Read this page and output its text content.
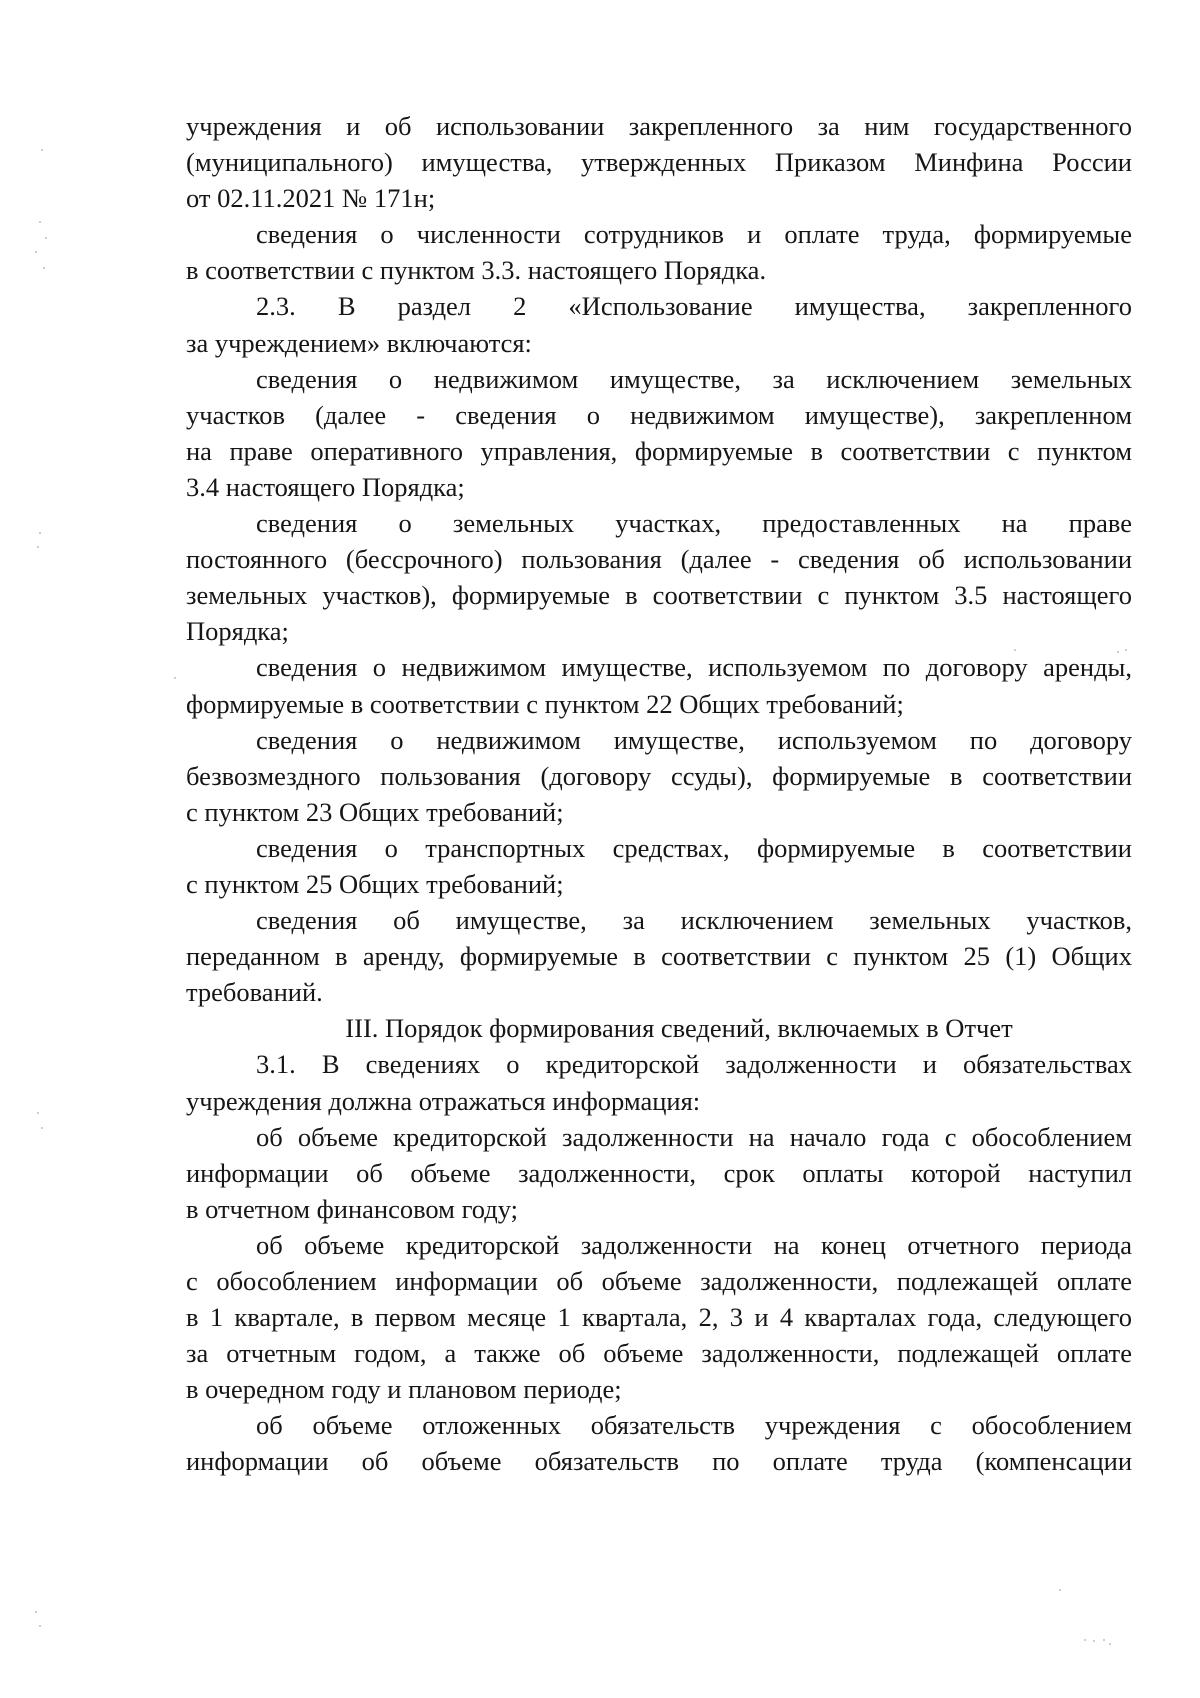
учреждения и об использовании закрепленного за ним государственного
(муниципального) имущества, утвержденных Приказом Минфина России
от 02.11.2021 № 171н;
сведения о численности сотрудников и оплате труда, формируемые
в соответствии с пунктом 3.3. настоящего Порядка.
2.3. В раздел 2 «Использование имущества, закрепленного
за учреждением» включаются:
сведения о недвижимом имуществе, за исключением земельных
участков (далее - сведения о недвижимом имуществе), закрепленном
на праве оперативного управления, формируемые в соответствии с пунктом
3.4 настоящего Порядка;
сведения о земельных участках, предоставленных на праве
постоянного (бессрочного) пользования (далее - сведения об использовании
земельных участков), формируемые в соответствии с пунктом 3.5 настоящего
Порядка;
сведения о недвижимом имуществе, используемом по договору аренды,
формируемые в соответствии с пунктом 22 Общих требований;
сведения о недвижимом имуществе, используемом по договору
безвозмездного пользования (договору ссуды), формируемые в соответствии
с пунктом 23 Общих требований;
сведения о транспортных средствах, формируемые в соответствии
с пунктом 25 Общих требований;
сведения об имуществе, за исключением земельных участков,
переданном в аренду, формируемые в соответствии с пунктом 25 (1) Общих
требований.
III. Порядок формирования сведений, включаемых в Отчет
3.1. В сведениях о кредиторской задолженности и обязательствах
учреждения должна отражаться информация:
об объеме кредиторской задолженности на начало года с обособлением
информации об объеме задолженности, срок оплаты которой наступил
в отчетном финансовом году;
об объеме кредиторской задолженности на конец отчетного периода
с обособлением информации об объеме задолженности, подлежащей оплате
в 1 квартале, в первом месяце 1 квартала, 2, 3 и 4 кварталах года, следующего
за отчетным годом, а также об объеме задолженности, подлежащей оплате
в очередном году и плановом периоде;
об объеме отложенных обязательств учреждения с обособлением
информации об объеме обязательств по оплате труда (компенсации
